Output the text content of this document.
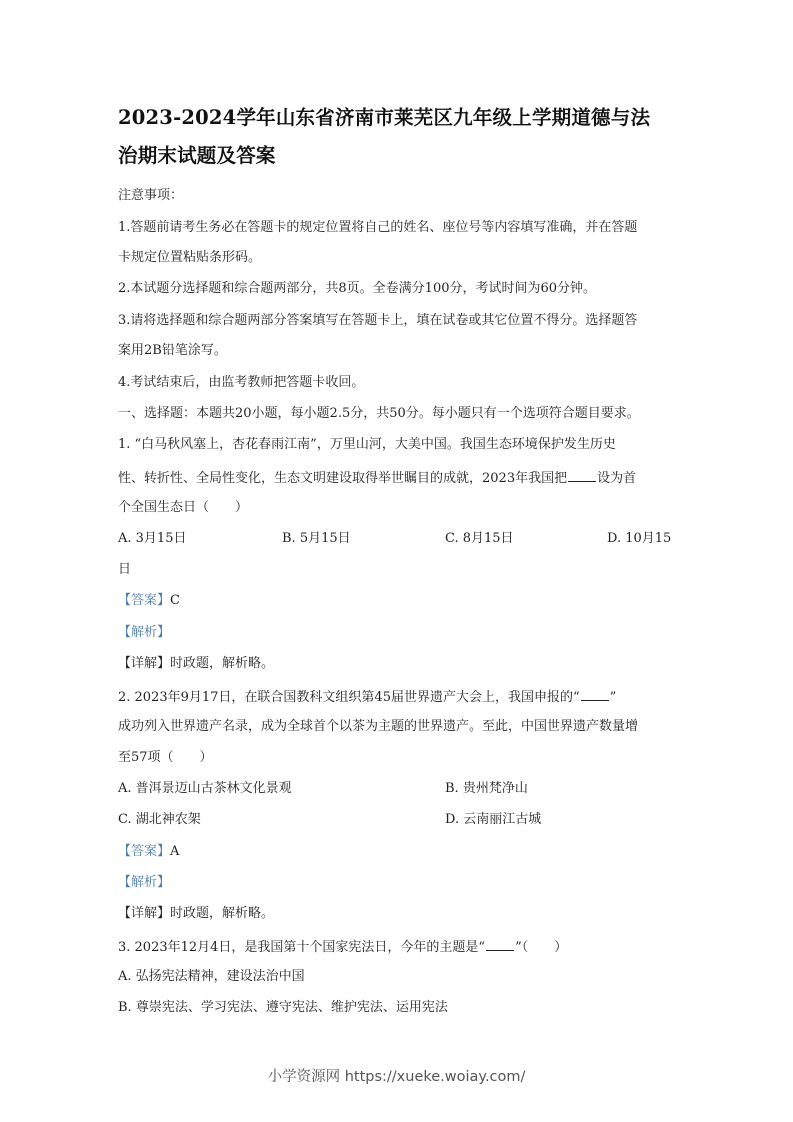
2023-2024学年山东省济南市莱芜区九年级上学期道德与法
治期末试题及答案
注意事项：
1.答题前请考生务必在答题卡的规定位置将自己的姓名、座位号等内容填写准确，并在答题
卡规定位置粘贴条形码。
2.本试题分选择题和综合题两部分，共8页。全卷满分100分，考试时间为60分钟。
3.请将选择题和综合题两部分答案填写在答题卡上，填在试卷或其它位置不得分。选择题答
案用2B铅笔涂写。
4.考试结束后，由监考教师把答题卡收回。
一、选择题：本题共20小题，每小题2.5分，共50分。每小题只有一个选项符合题目要求。
1. “白马秋风塞上，杏花春雨江南”，万里山河，大美中国。我国生态环境保护发生历史
性、转折性、全局性变化，生态文明建设取得举世瞩目的成就，2023年我国把 设为首
个全国生态日（　　）
A. 3月15日	B. 5月15日	C. 8月15日	D. 10月15
日
【答案】C
【解析】
【详解】时政题，解析略。
2. 2023年9月17日，在联合国教科文组织第45届世界遗产大会上，我国申报的“ ”
成功列入世界遗产名录，成为全球首个以茶为主题的世界遗产。至此，中国世界遗产数量增
至57项（　　）
A. 普洱景迈山古茶林文化景观	B. 贵州梵净山
C. 湖北神农架	D. 云南丽江古城
【答案】A
【解析】
【详解】时政题，解析略。
3. 2023年12月4日，是我国第十个国家宪法日，今年的主题是“ ”（　　）
A. 弘扬宪法精神，建设法治中国
B. 尊崇宪法、学习宪法、遵守宪法、维护宪法、运用宪法
小学资源网 https://xueke.woiay.com/
